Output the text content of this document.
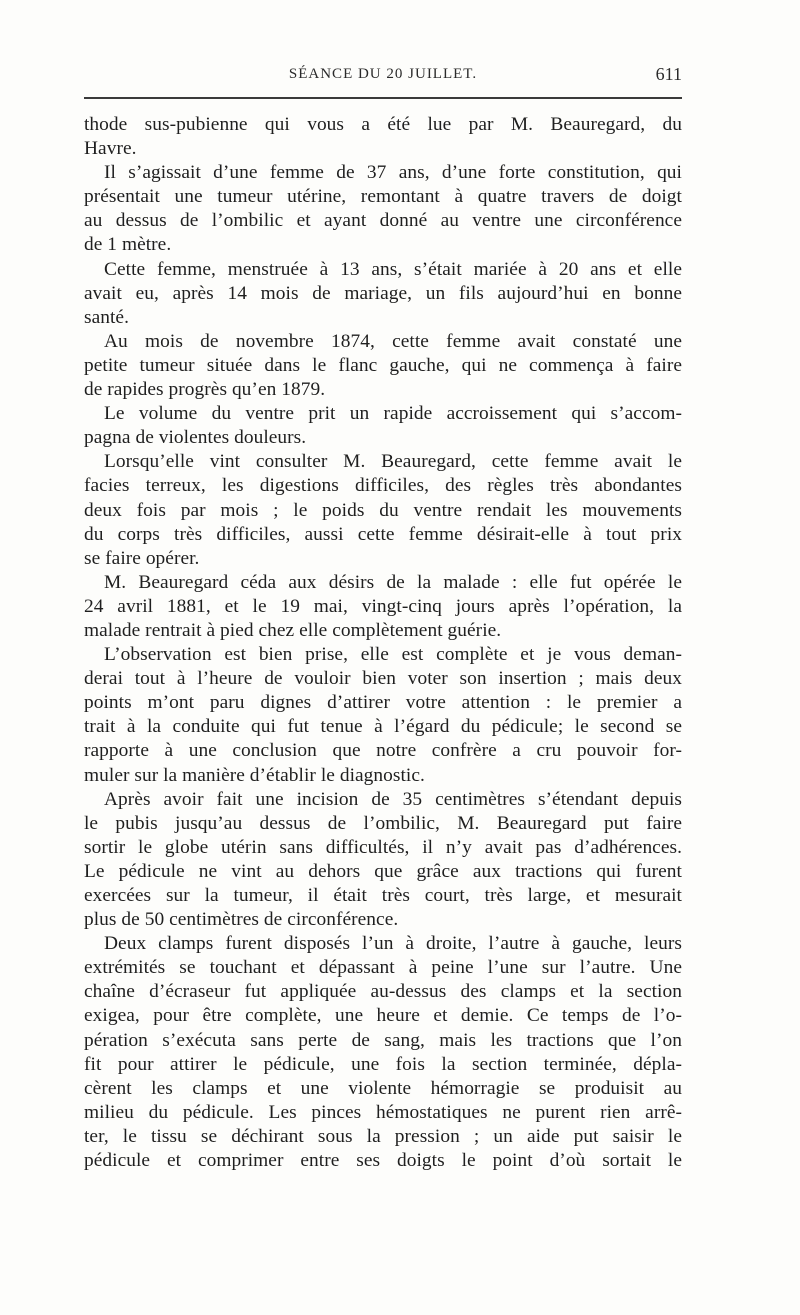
SÉANCE DU 20 JUILLET.	611
thode sus-pubienne qui vous a été lue par M. Beauregard, du
Havre.
Il s’agissait d’une femme de 37 ans, d’une forte constitution, qui
présentait une tumeur utérine, remontant à quatre travers de doigt
au dessus de l’ombilic et ayant donné au ventre une circonférence
de 1 mètre.
Cette femme, menstruée à 13 ans, s’était mariée à 20 ans et elle
avait eu, après 14 mois de mariage, un fils aujourd’hui en bonne
santé.
Au mois de novembre 1874, cette femme avait constaté une
petite tumeur située dans le flanc gauche, qui ne commença à faire
de rapides progrès qu’en 1879.
Le volume du ventre prit un rapide accroissement qui s’accom-
pagna de violentes douleurs.
Lorsqu’elle vint consulter M. Beauregard, cette femme avait le
facies terreux, les digestions difficiles, des règles très abondantes
deux fois par mois ; le poids du ventre rendait les mouvements
du corps très difficiles, aussi cette femme désirait-elle à tout prix
se faire opérer.
M. Beauregard céda aux désirs de la malade : elle fut opérée le
24 avril 1881, et le 19 mai, vingt-cinq jours après l’opération, la
malade rentrait à pied chez elle complètement guérie.
L’observation est bien prise, elle est complète et je vous deman-
derai tout à l’heure de vouloir bien voter son insertion ; mais deux
points m’ont paru dignes d’attirer votre attention : le premier a
trait à la conduite qui fut tenue à l’égard du pédicule; le second se
rapporte à une conclusion que notre confrère a cru pouvoir for-
muler sur la manière d’établir le diagnostic.
Après avoir fait une incision de 35 centimètres s’étendant depuis
le pubis jusqu’au dessus de l’ombilic, M. Beauregard put faire
sortir le globe utérin sans difficultés, il n’y avait pas d’adhérences.
Le pédicule ne vint au dehors que grâce aux tractions qui furent
exercées sur la tumeur, il était très court, très large, et mesurait
plus de 50 centimètres de circonférence.
Deux clamps furent disposés l’un à droite, l’autre à gauche, leurs
extrémités se touchant et dépassant à peine l’une sur l’autre. Une
chaîne d’écraseur fut appliquée au-dessus des clamps et la section
exigea, pour être complète, une heure et demie. Ce temps de l’o-
pération s’exécuta sans perte de sang, mais les tractions que l’on
fit pour attirer le pédicule, une fois la section terminée, dépla-
cèrent les clamps et une violente hémorragie se produisit au
milieu du pédicule. Les pinces hémostatiques ne purent rien arrê-
ter, le tissu se déchirant sous la pression ; un aide put saisir le
pédicule et comprimer entre ses doigts le point d’où sortait le
